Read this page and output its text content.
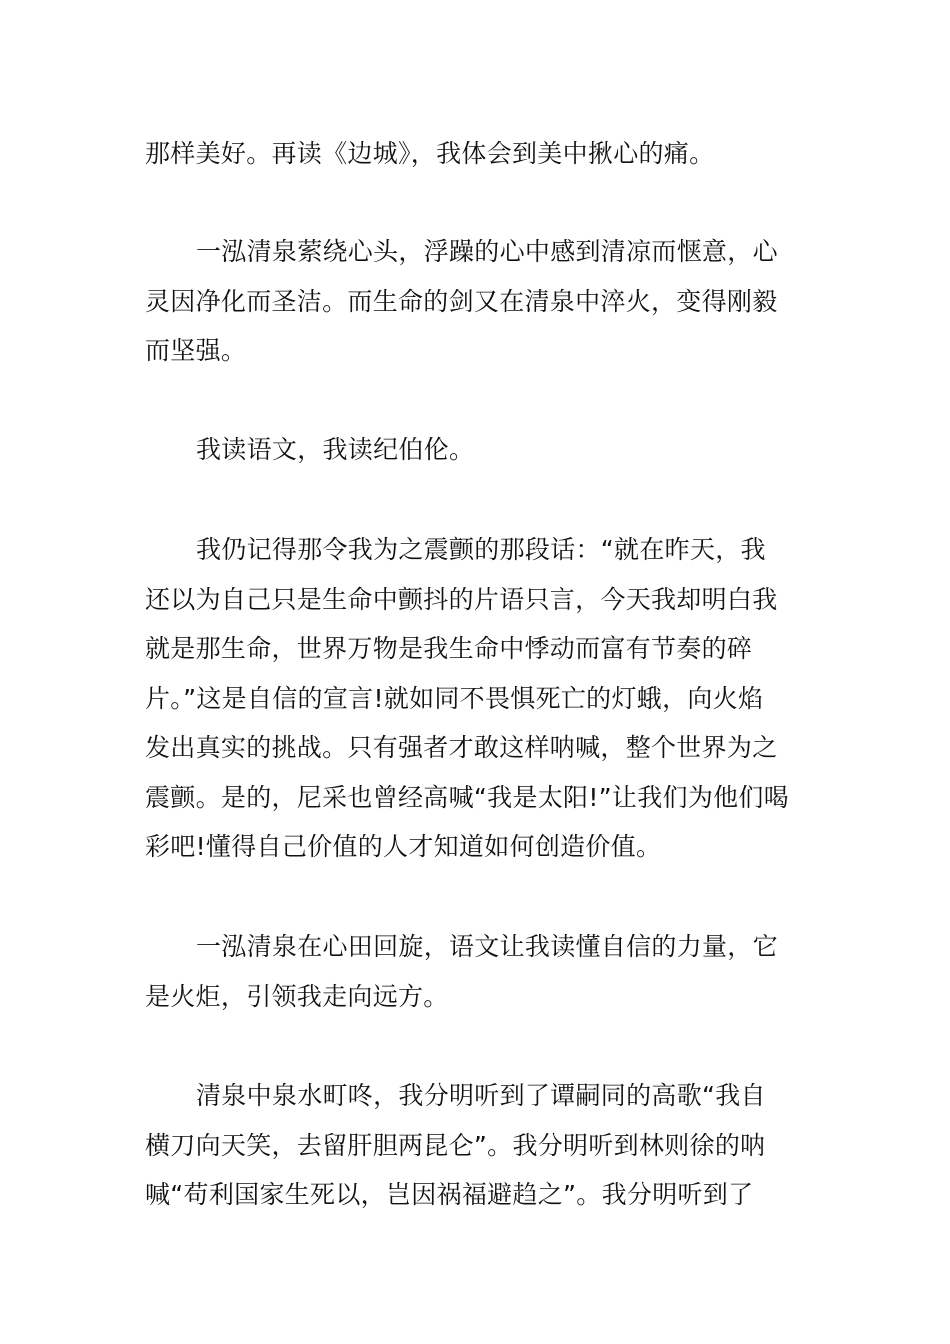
那样美好。再读《边城》，我体会到美中揪心的痛。

一泓清泉萦绕心头，浮躁的心中感到清凉而惬意，心
灵因净化而圣洁。而生命的剑又在清泉中淬火，变得刚毅
而坚强。

我读语文，我读纪伯伦。

我仍记得那令我为之震颤的那段话：“就在昨天，我
还以为自己只是生命中颤抖的片语只言，今天我却明白我
就是那生命，世界万物是我生命中悸动而富有节奏的碎
片。”这是自信的宣言!就如同不畏惧死亡的灯蛾，向火焰
发出真实的挑战。只有强者才敢这样呐喊，整个世界为之
震颤。是的，尼采也曾经高喊“我是太阳!”让我们为他们喝
彩吧!懂得自己价值的人才知道如何创造价值。

一泓清泉在心田回旋，语文让我读懂自信的力量，它
是火炬，引领我走向远方。

清泉中泉水町咚，我分明听到了谭嗣同的高歌“我自
横刀向天笑，去留肝胆两昆仑”。我分明听到林则徐的呐
喊“苟利国家生死以，岂因祸福避趋之”。我分明听到了
